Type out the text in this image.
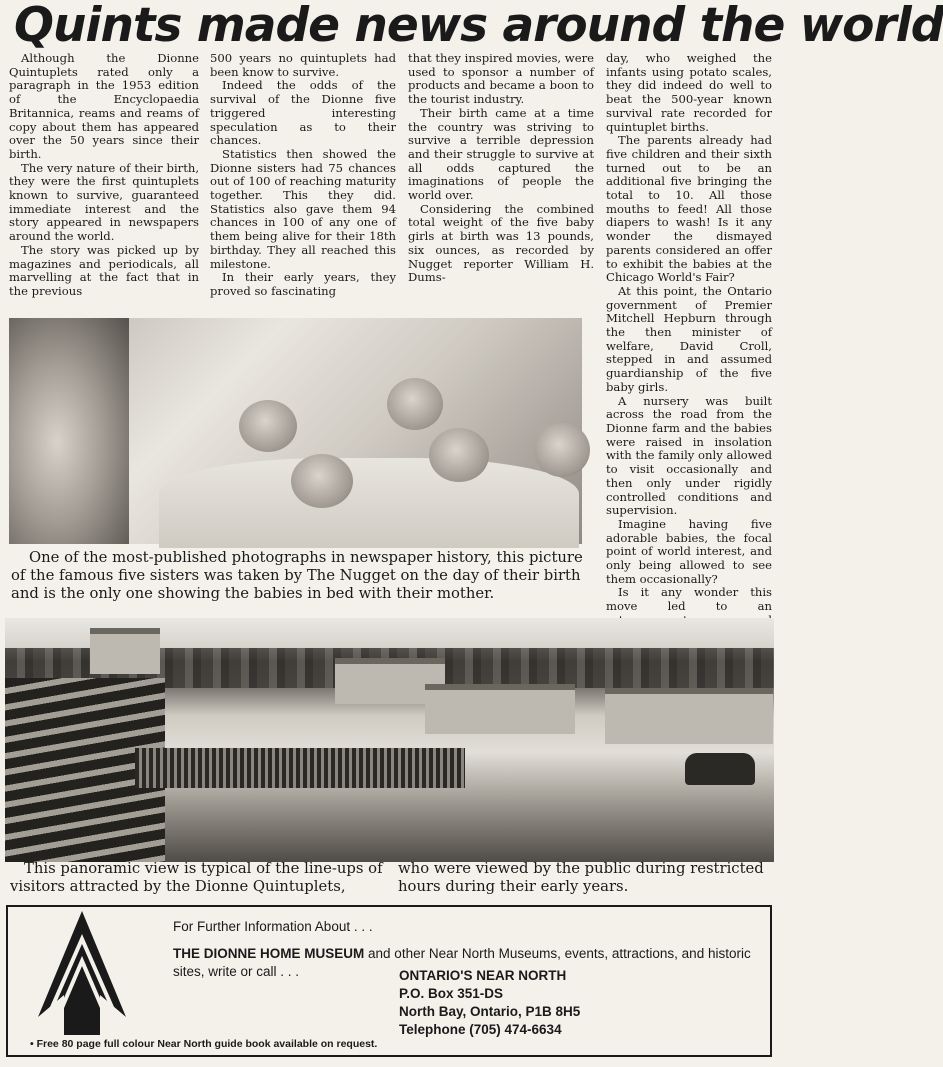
Quints made news around the world

Although the Dionne Quintuplets rated only a paragraph in the 1953 edition of the Encyclopaedia Britannica, reams and reams of copy about them has appeared over the 50 years since their birth.

The very nature of their birth, they were the first quintuplets known to survive, guaranteed immediate interest and the story appeared in newspapers around the world.

The story was picked up by magazines and periodicals, all marvelling at the fact that in the previous

500 years no quintuplets had been know to survive.

Indeed the odds of the survival of the Dionne five triggered interesting speculation as to their chances.

Statistics then showed the Dionne sisters had 75 chances out of 100 of reaching maturity together. This they did. Statistics also gave them 94 chances in 100 of any one of them being alive for their 18th birthday. They all reached this milestone.

In their early years, they proved so fascinating

that they inspired movies, were used to sponsor a number of products and became a boon to the tourist industry.

Their birth came at a time the country was striving to survive a terrible depression and their struggle to survive at all odds captured the imaginations of people the world over.

Considering the combined total weight of the five baby girls at birth was 13 pounds, six ounces, as recorded by Nugget reporter William H. Dums-

day, who weighed the infants using potato scales, they did indeed do well to beat the 500-year known survival rate recorded for quintuplet births.

The parents already had five children and their sixth turned out to be an additional five bringing the total to 10. All those mouths to feed! All those diapers to wash! Is it any wonder the dismayed parents considered an offer to exhibit the babies at the Chicago World's Fair?

At this point, the Ontario government of Premier Mitchell Hepburn through the then minister of welfare, David Croll, stepped in and assumed guardianship of the five baby girls.

A nursery was built across the road from the Dionne farm and the babies were raised in insolation with the family only allowed to visit occasionally and then only under rigidly controlled conditions and supervision.

Imagine having five adorable babies, the focal point of world interest, and only being allowed to see them occasionally?

Is it any wonder this move led to an

One of the most-published photographs in newspaper history, this picture of the famous five sisters was taken by The Nugget on the day of their birth and is the only one showing the babies in bed with their mother.

This panoramic view is typical of the line-ups of visitors attracted by the Dionne Quintuplets,

who were viewed by the public during restricted hours during their early years.

For Further Information About . . .
THE DIONNE HOME MUSEUM and other Near North Museums, events, attractions, and historic sites, write or call . . .	ONTARIO'S NEAR NORTH
P.O. Box 351-DS
North Bay, Ontario, P1B 8H5
Telephone (705) 474-6634
• Free 80 page full colour Near North guide book available on request.
